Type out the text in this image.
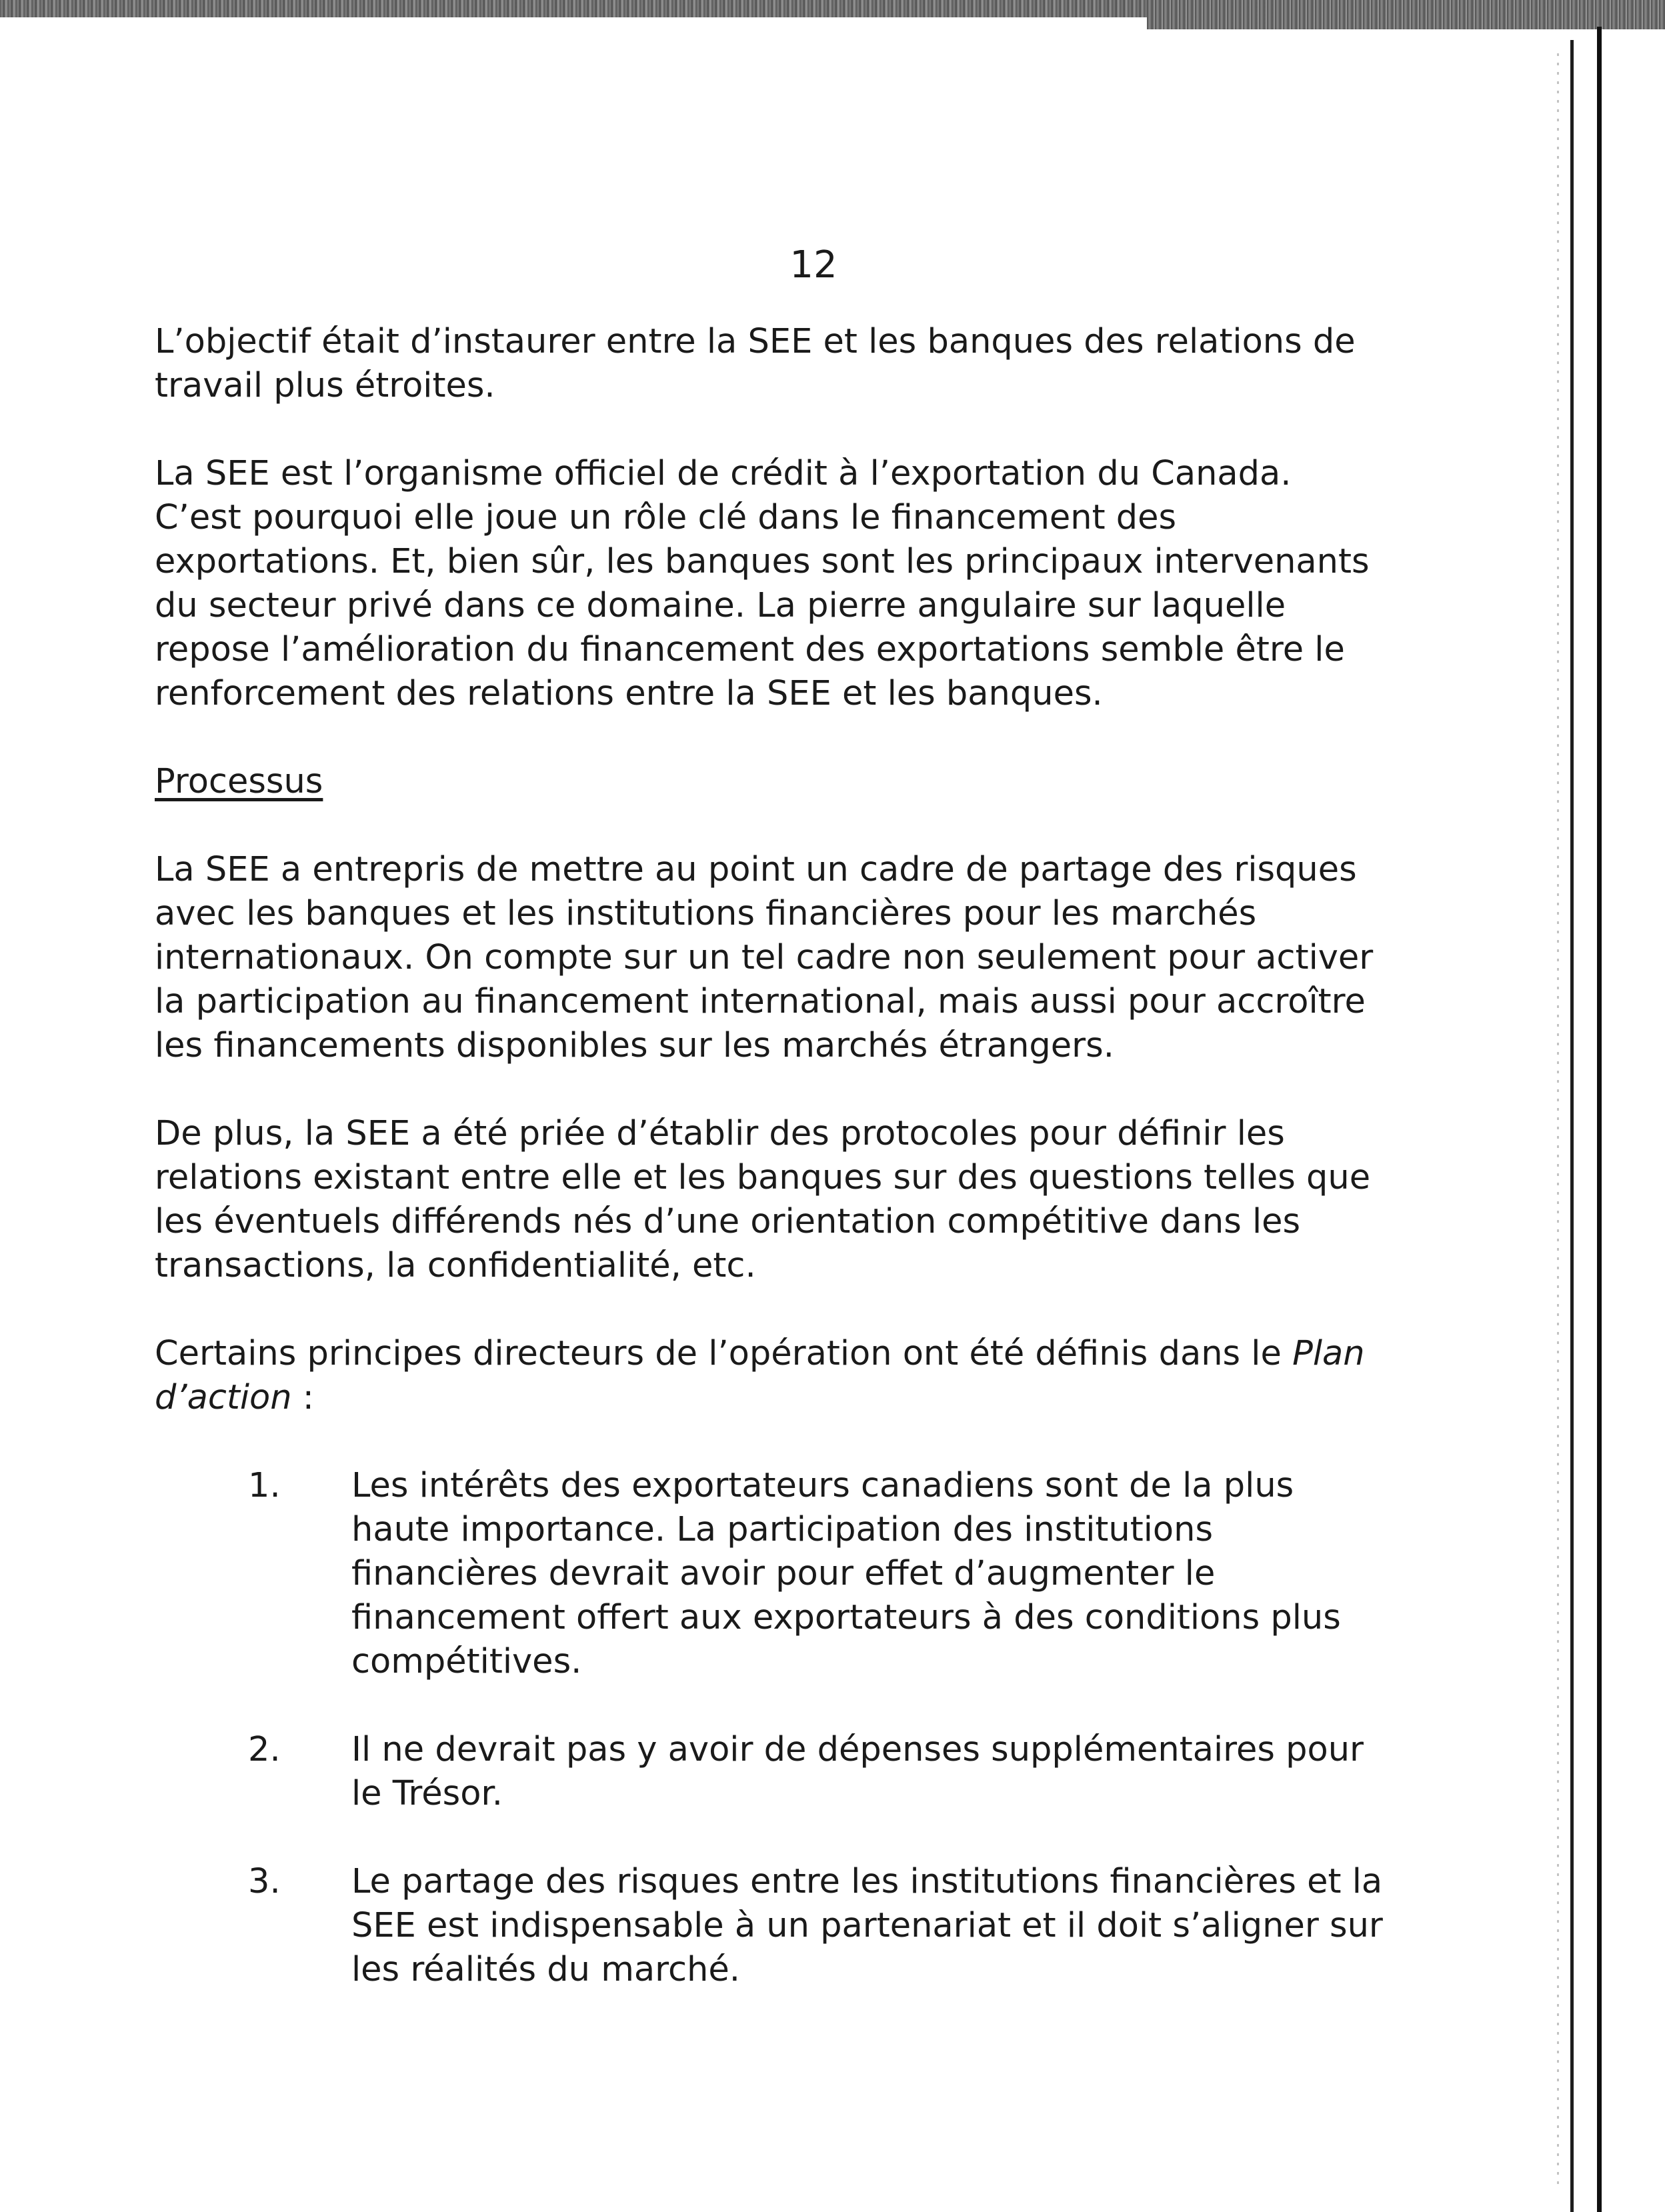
12

L’objectif était d’instaurer entre la SEE et les banques des relations de
travail plus étroites.

La SEE est l’organisme officiel de crédit à l’exportation du Canada.
C’est pourquoi elle joue un rôle clé dans le financement des
exportations. Et, bien sûr, les banques sont les principaux intervenants
du secteur privé dans ce domaine. La pierre angulaire sur laquelle
repose l’amélioration du financement des exportations semble être le
renforcement des relations entre la SEE et les banques.

Processus

La SEE a entrepris de mettre au point un cadre de partage des risques
avec les banques et les institutions financières pour les marchés
internationaux. On compte sur un tel cadre non seulement pour activer
la participation au financement international, mais aussi pour accroître
les financements disponibles sur les marchés étrangers.

De plus, la SEE a été priée d’établir des protocoles pour définir les
relations existant entre elle et les banques sur des questions telles que
les éventuels différends nés d’une orientation compétitive dans les
transactions, la confidentialité, etc.

Certains principes directeurs de l’opération ont été définis dans le Plan
d’action :

1.	Les intérêts des exportateurs canadiens sont de la plus
haute importance. La participation des institutions
financières devrait avoir pour effet d’augmenter le
financement offert aux exportateurs à des conditions plus
compétitives.
2.	Il ne devrait pas y avoir de dépenses supplémentaires pour
le Trésor.
3.	Le partage des risques entre les institutions financières et la
SEE est indispensable à un partenariat et il doit s’aligner sur
les réalités du marché.
